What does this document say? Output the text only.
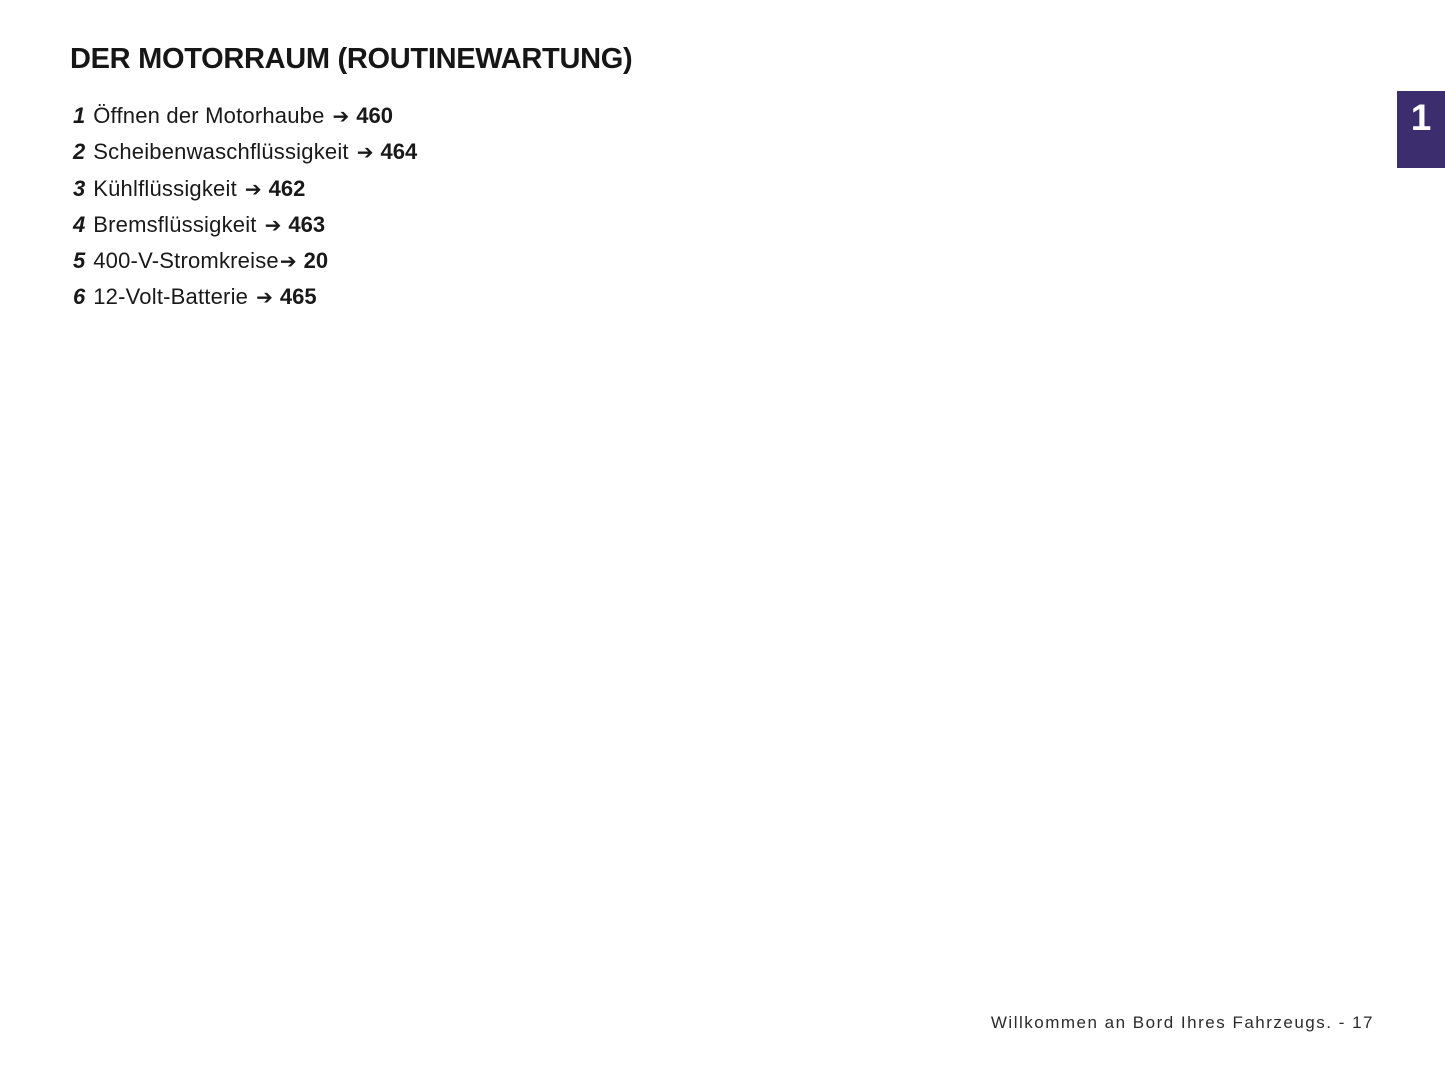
DER MOTORRAUM (ROUTINEWARTUNG)
1 Öffnen der Motorhaube ➔ 460
2 Scheibenwaschflüssigkeit ➔ 464
3 Kühlflüssigkeit ➔ 462
4 Bremsflüssigkeit ➔ 463
5 400-V-Stromkreise➔ 20
6 12-Volt-Batterie ➔ 465
1
Willkommen an Bord Ihres Fahrzeugs. - 17
